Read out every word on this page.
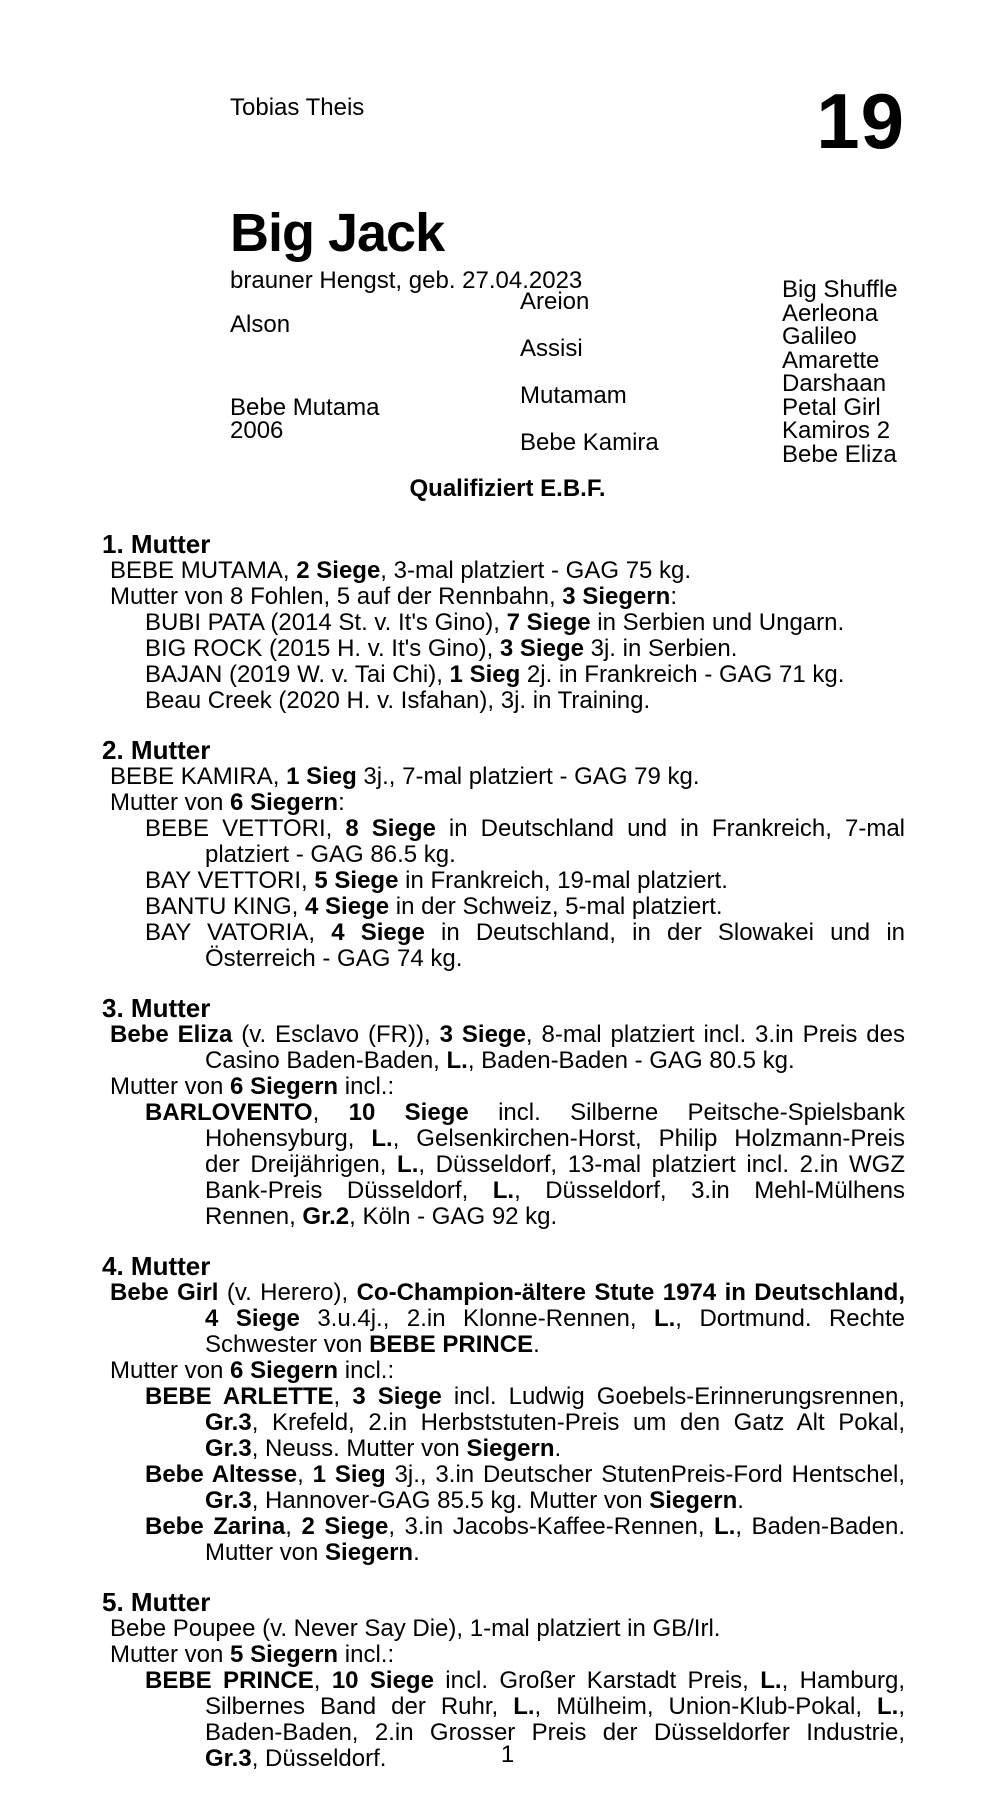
Tobias Theis	19
Big Jack
brauner Hengst, geb. 27.04.2023
Alson
Bebe Mutama
2006
Areion
Assisi
Mutamam
Bebe Kamira
Big Shuffle
Aerleona
Galileo
Amarette
Darshaan
Petal Girl
Kamiros 2
Bebe Eliza
Qualifiziert E.B.F.
1. Mutter

BEBE MUTAMA, 2 Siege, 3-mal platziert - GAG 75 kg.

Mutter von 8 Fohlen, 5 auf der Rennbahn, 3 Siegern:

BUBI PATA (2014 St. v. It's Gino), 7 Siege in Serbien und Ungarn.

BIG ROCK (2015 H. v. It's Gino), 3 Siege 3j. in Serbien.

BAJAN (2019 W. v. Tai Chi), 1 Sieg 2j. in Frankreich - GAG 71 kg.

Beau Creek (2020 H. v. Isfahan), 3j. in Training.

2. Mutter

BEBE KAMIRA, 1 Sieg 3j., 7-mal platziert - GAG 79 kg.

Mutter von 6 Siegern:

BEBE VETTORI, 8 Siege in Deutschland und in Frankreich, 7-mal platziert - GAG 86.5 kg.

BAY VETTORI, 5 Siege in Frankreich, 19-mal platziert.

BANTU KING, 4 Siege in der Schweiz, 5-mal platziert.

BAY VATORIA, 4 Siege in Deutschland, in der Slowakei und in Österreich - GAG 74 kg.

3. Mutter

Bebe Eliza (v. Esclavo (FR)), 3 Siege, 8-mal platziert incl. 3.in Preis des Casino Baden-Baden, L., Baden-Baden - GAG 80.5 kg.

Mutter von 6 Siegern incl.:

BARLOVENTO, 10 Siege incl. Silberne Peitsche-Spielsbank Hohensyburg, L., Gelsenkirchen-Horst, Philip Holzmann-Preis der Dreijährigen, L., Düsseldorf, 13-mal platziert incl. 2.in WGZ Bank-Preis Düsseldorf, L., Düsseldorf, 3.in Mehl-Mülhens Rennen, Gr.2, Köln - GAG 92 kg.

4. Mutter

Bebe Girl (v. Herero), Co-Champion-ältere Stute 1974 in Deutschland, 4 Siege 3.u.4j., 2.in Klonne-Rennen, L., Dortmund. Rechte Schwester von BEBE PRINCE.

Mutter von 6 Siegern incl.:

BEBE ARLETTE, 3 Siege incl. Ludwig Goebels-Erinnerungsrennen, Gr.3, Krefeld, 2.in Herbststuten-Preis um den Gatz Alt Pokal, Gr.3, Neuss. Mutter von Siegern.

Bebe Altesse, 1 Sieg 3j., 3.in Deutscher StutenPreis-Ford Hentschel, Gr.3, Hannover-GAG 85.5 kg. Mutter von Siegern.

Bebe Zarina, 2 Siege, 3.in Jacobs-Kaffee-Rennen, L., Baden-Baden. Mutter von Siegern.

5. Mutter

Bebe Poupee (v. Never Say Die), 1-mal platziert in GB/Irl.

Mutter von 5 Siegern incl.:

BEBE PRINCE, 10 Siege incl. Großer Karstadt Preis, L., Hamburg, Silbernes Band der Ruhr, L., Mülheim, Union-Klub-Pokal, L., Baden-Baden, 2.in Grosser Preis der Düsseldorfer Industrie, Gr.3, Düsseldorf.	1
